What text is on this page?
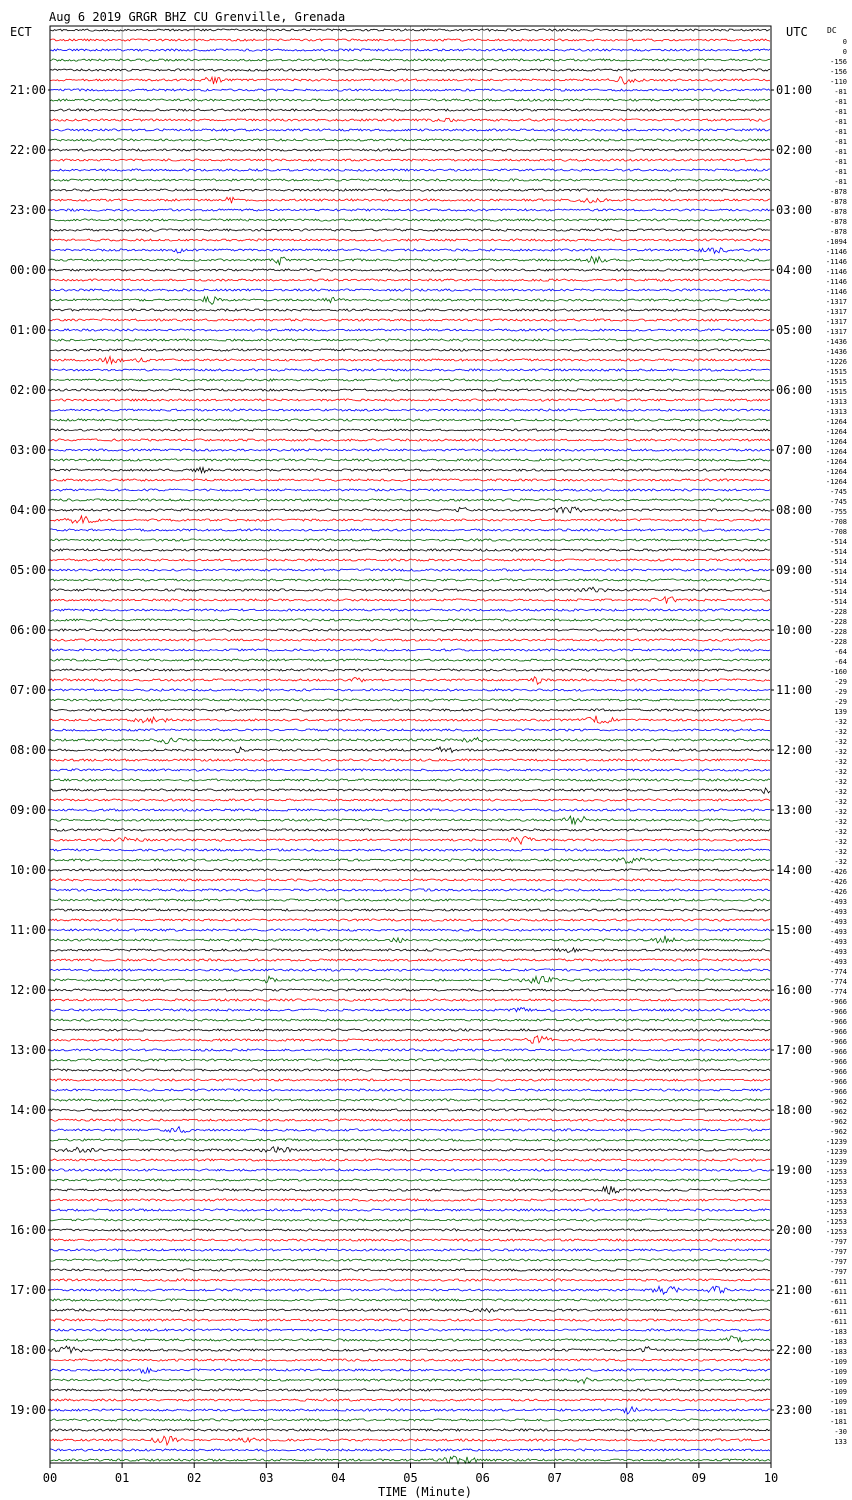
Aug 6 2019 GRGR BHZ CU Grenville, Grenada
ECT	UTC DC
TIME (Minute)
21:00
22:00
23:00
00:00
01:00
02:00
03:00
04:00
05:00
06:00
07:00
08:00
09:00
10:00
11:00
12:00
13:00
14:00
15:00
16:00
17:00
18:00
19:00
01:00
02:00
03:00
04:00
05:00
06:00
07:00
08:00
09:00
10:00
11:00
12:00
13:00
14:00
15:00
16:00
17:00
18:00
19:00
20:00
21:00
22:00
23:00
0
0
-156
-156
-110
-81
-81
-81
-81
-81
-81
-81
-81
-81
-81
-878
-878
-878
-878
-878
-1094
-1146
-1146
-1146
-1146
-1146
-1317
-1317
-1317
-1317
-1436
-1436
-1226
-1515
-1515
-1515
-1313
-1313
-1264
-1264
-1264
-1264
-1264
-1264
-1264
-745
-745
-755
-708
-708
-514
-514
-514
-514
-514
-514
-514
-228
-228
-228
-228
-64
-64
-160
-29
-29
-29
139
-32
-32
-32
-32
-32
-32
-32
-32
-32
-32
-32
-32
-32
-32
-32
-426
-426
-426
-493
-493
-493
-493
-493
-493
-493
-774
-774
-774
-966
-966
-966
-966
-966
-966
-966
-966
-966
-966
-962
-962
-962
-962
-1239
-1239
-1239
-1253
-1253
-1253
-1253
-1253
-1253
-1253
-797
-797
-797
-797
-611
-611
-611
-611
-611
-183
-183
-183
-109
-109
-109
-109
-109
-181
-181
-30
133
00	01	02	03	04	05	06	07	08	09	10
